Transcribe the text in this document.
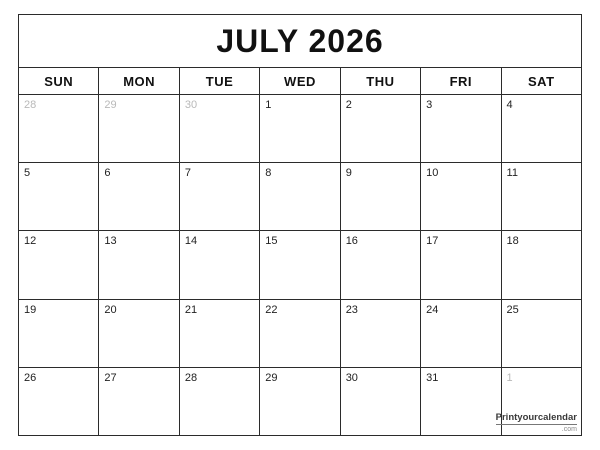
JULY 2026
SUN	MON	TUE	WED	THU	FRI	SAT
28	29	30	1	2	3	4
5	6	7	8	9	10	11
12	13	14	15	16	17	18
19	20	21	22	23	24	25
26	27	28	29	30	31	1
Printyourcalendar
.com
